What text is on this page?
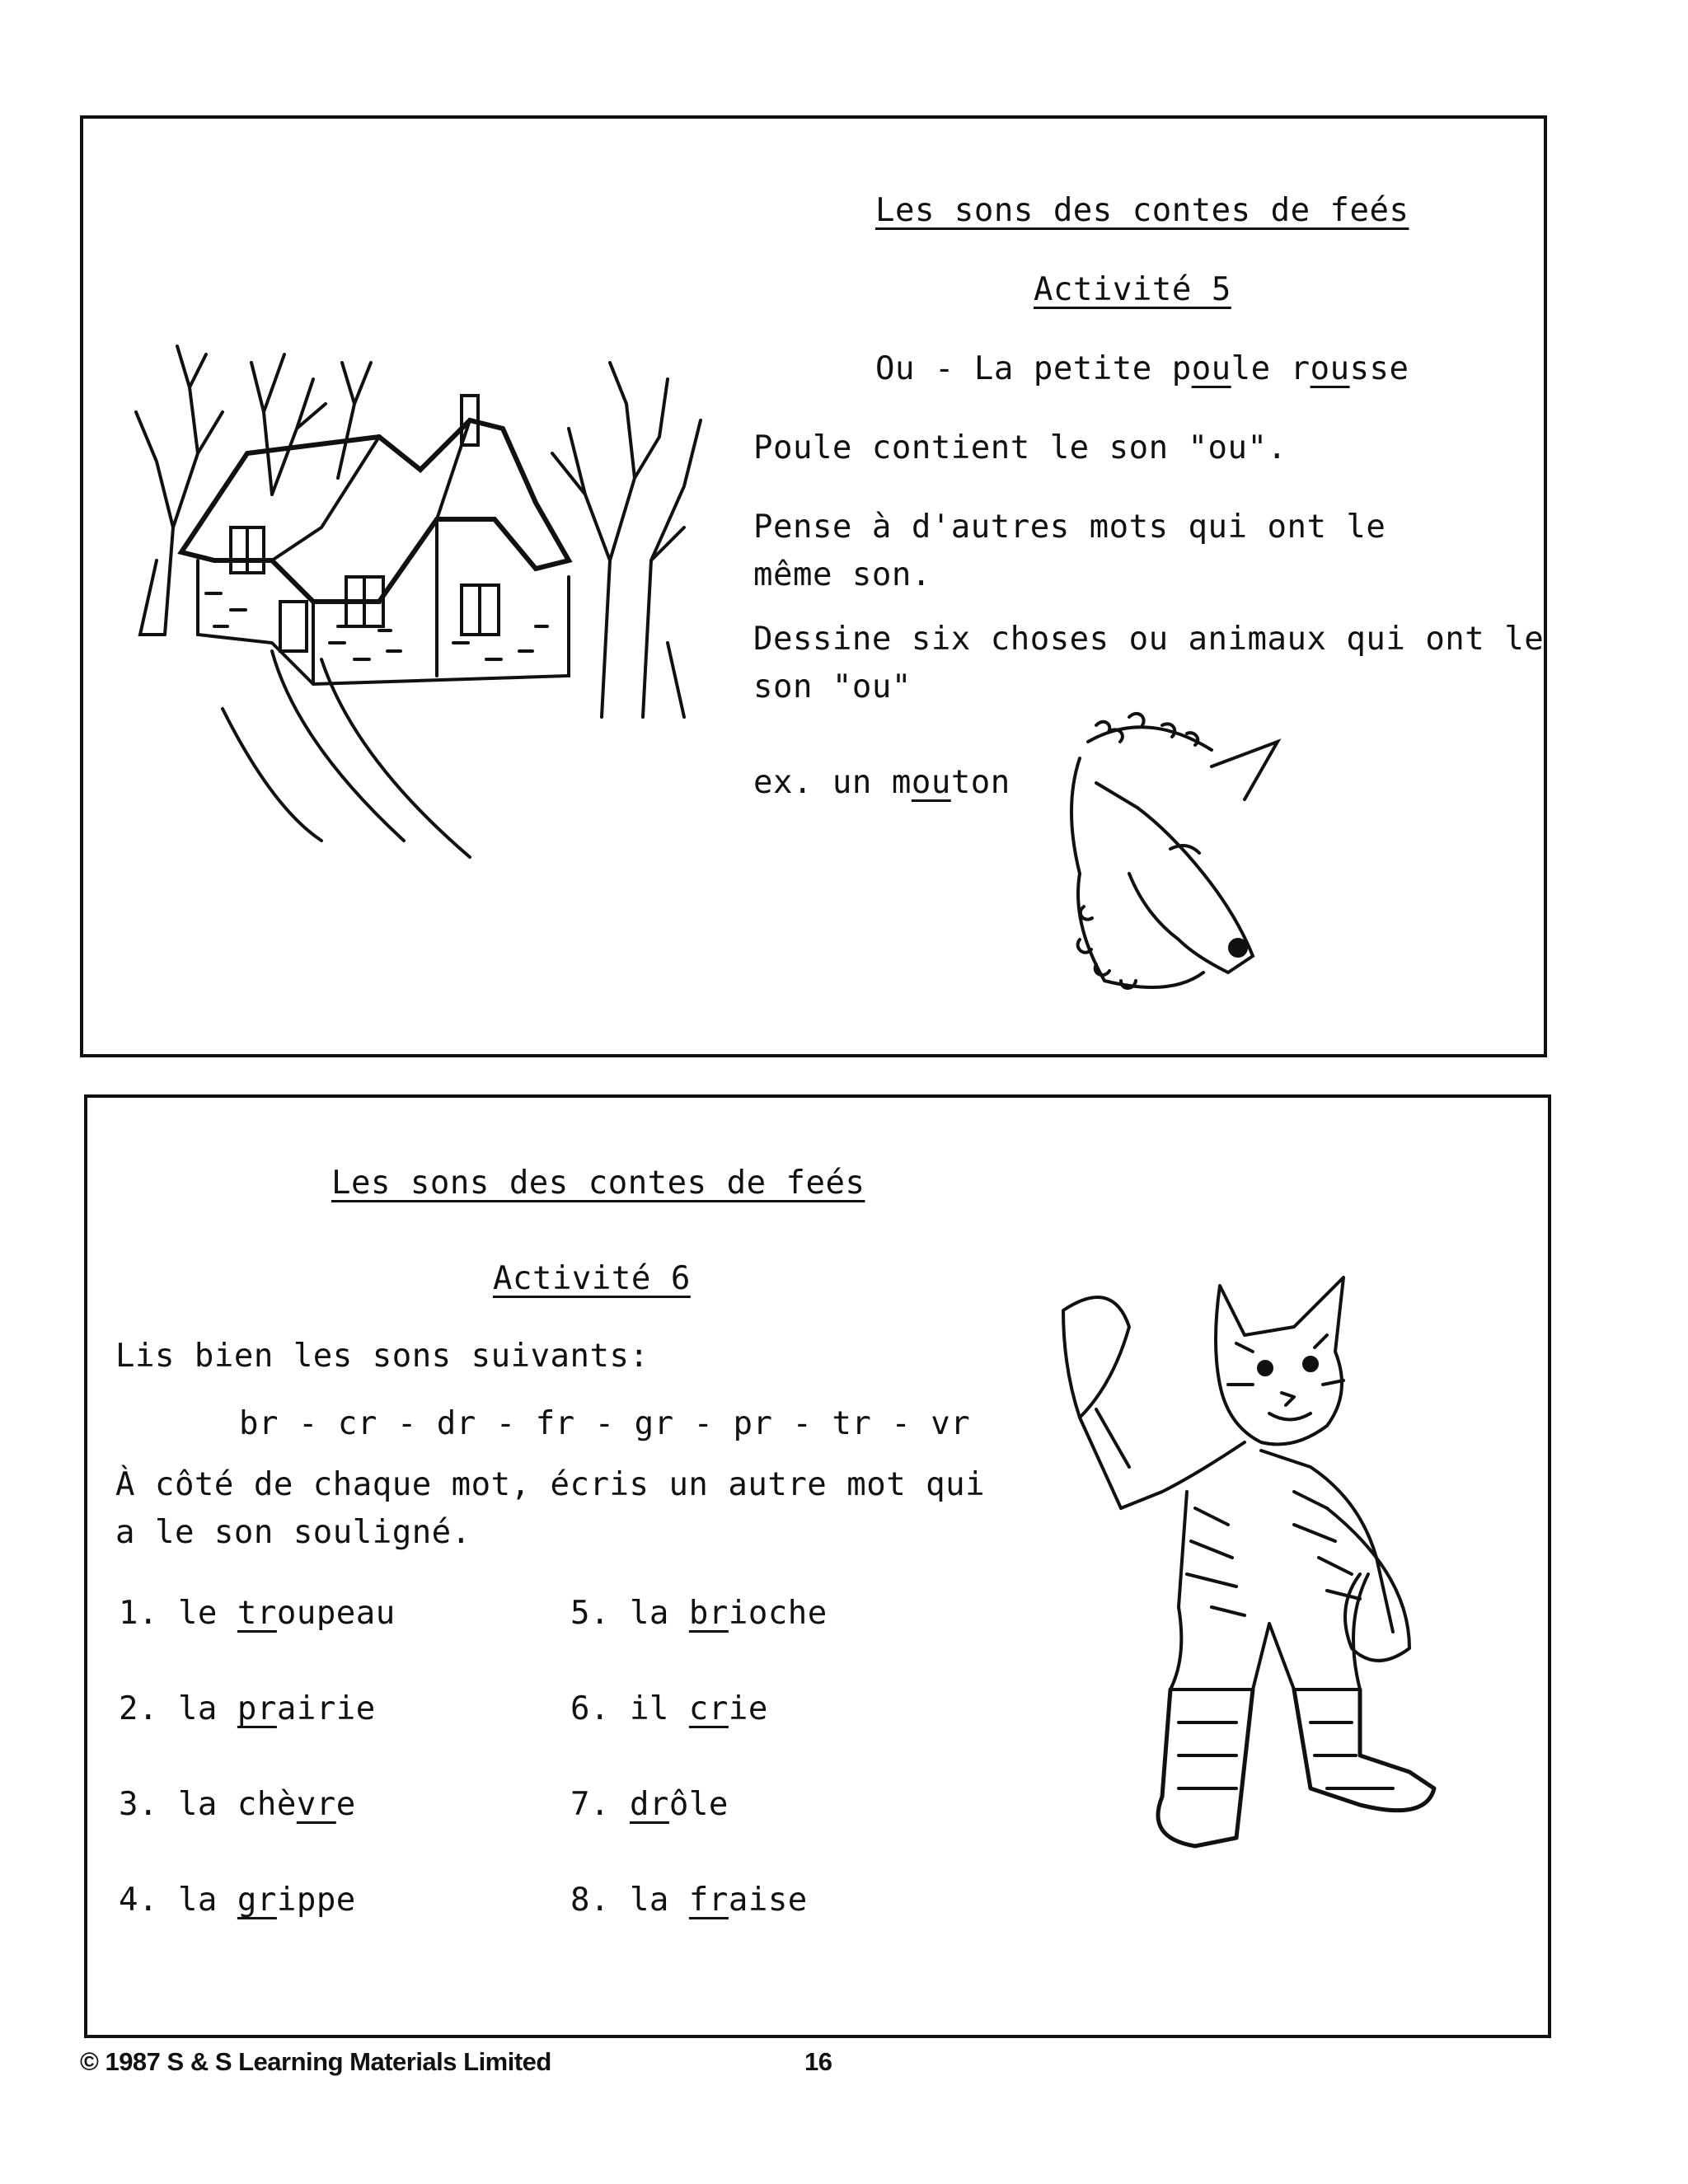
Les sons des contes de feés
Activité 5
Ou - La petite poule rousse
Poule contient le son "ou".
Pense à d'autres mots qui ont le
même son.
Dessine six choses ou animaux qui ont le
son "ou"
ex. un mouton
Les sons des contes de feés
Activité 6
Lis bien les sons suivants:
br - cr - dr - fr - gr - pr - tr - vr
À côté de chaque mot, écris un autre mot qui
a le son souligné.
1. le troupeau
2. la prairie
3. la chèvre
4. la grippe
5. la brioche
6. il crie
7. drôle
8. la fraise
© 1987 S & S Learning Materials Limited	16
